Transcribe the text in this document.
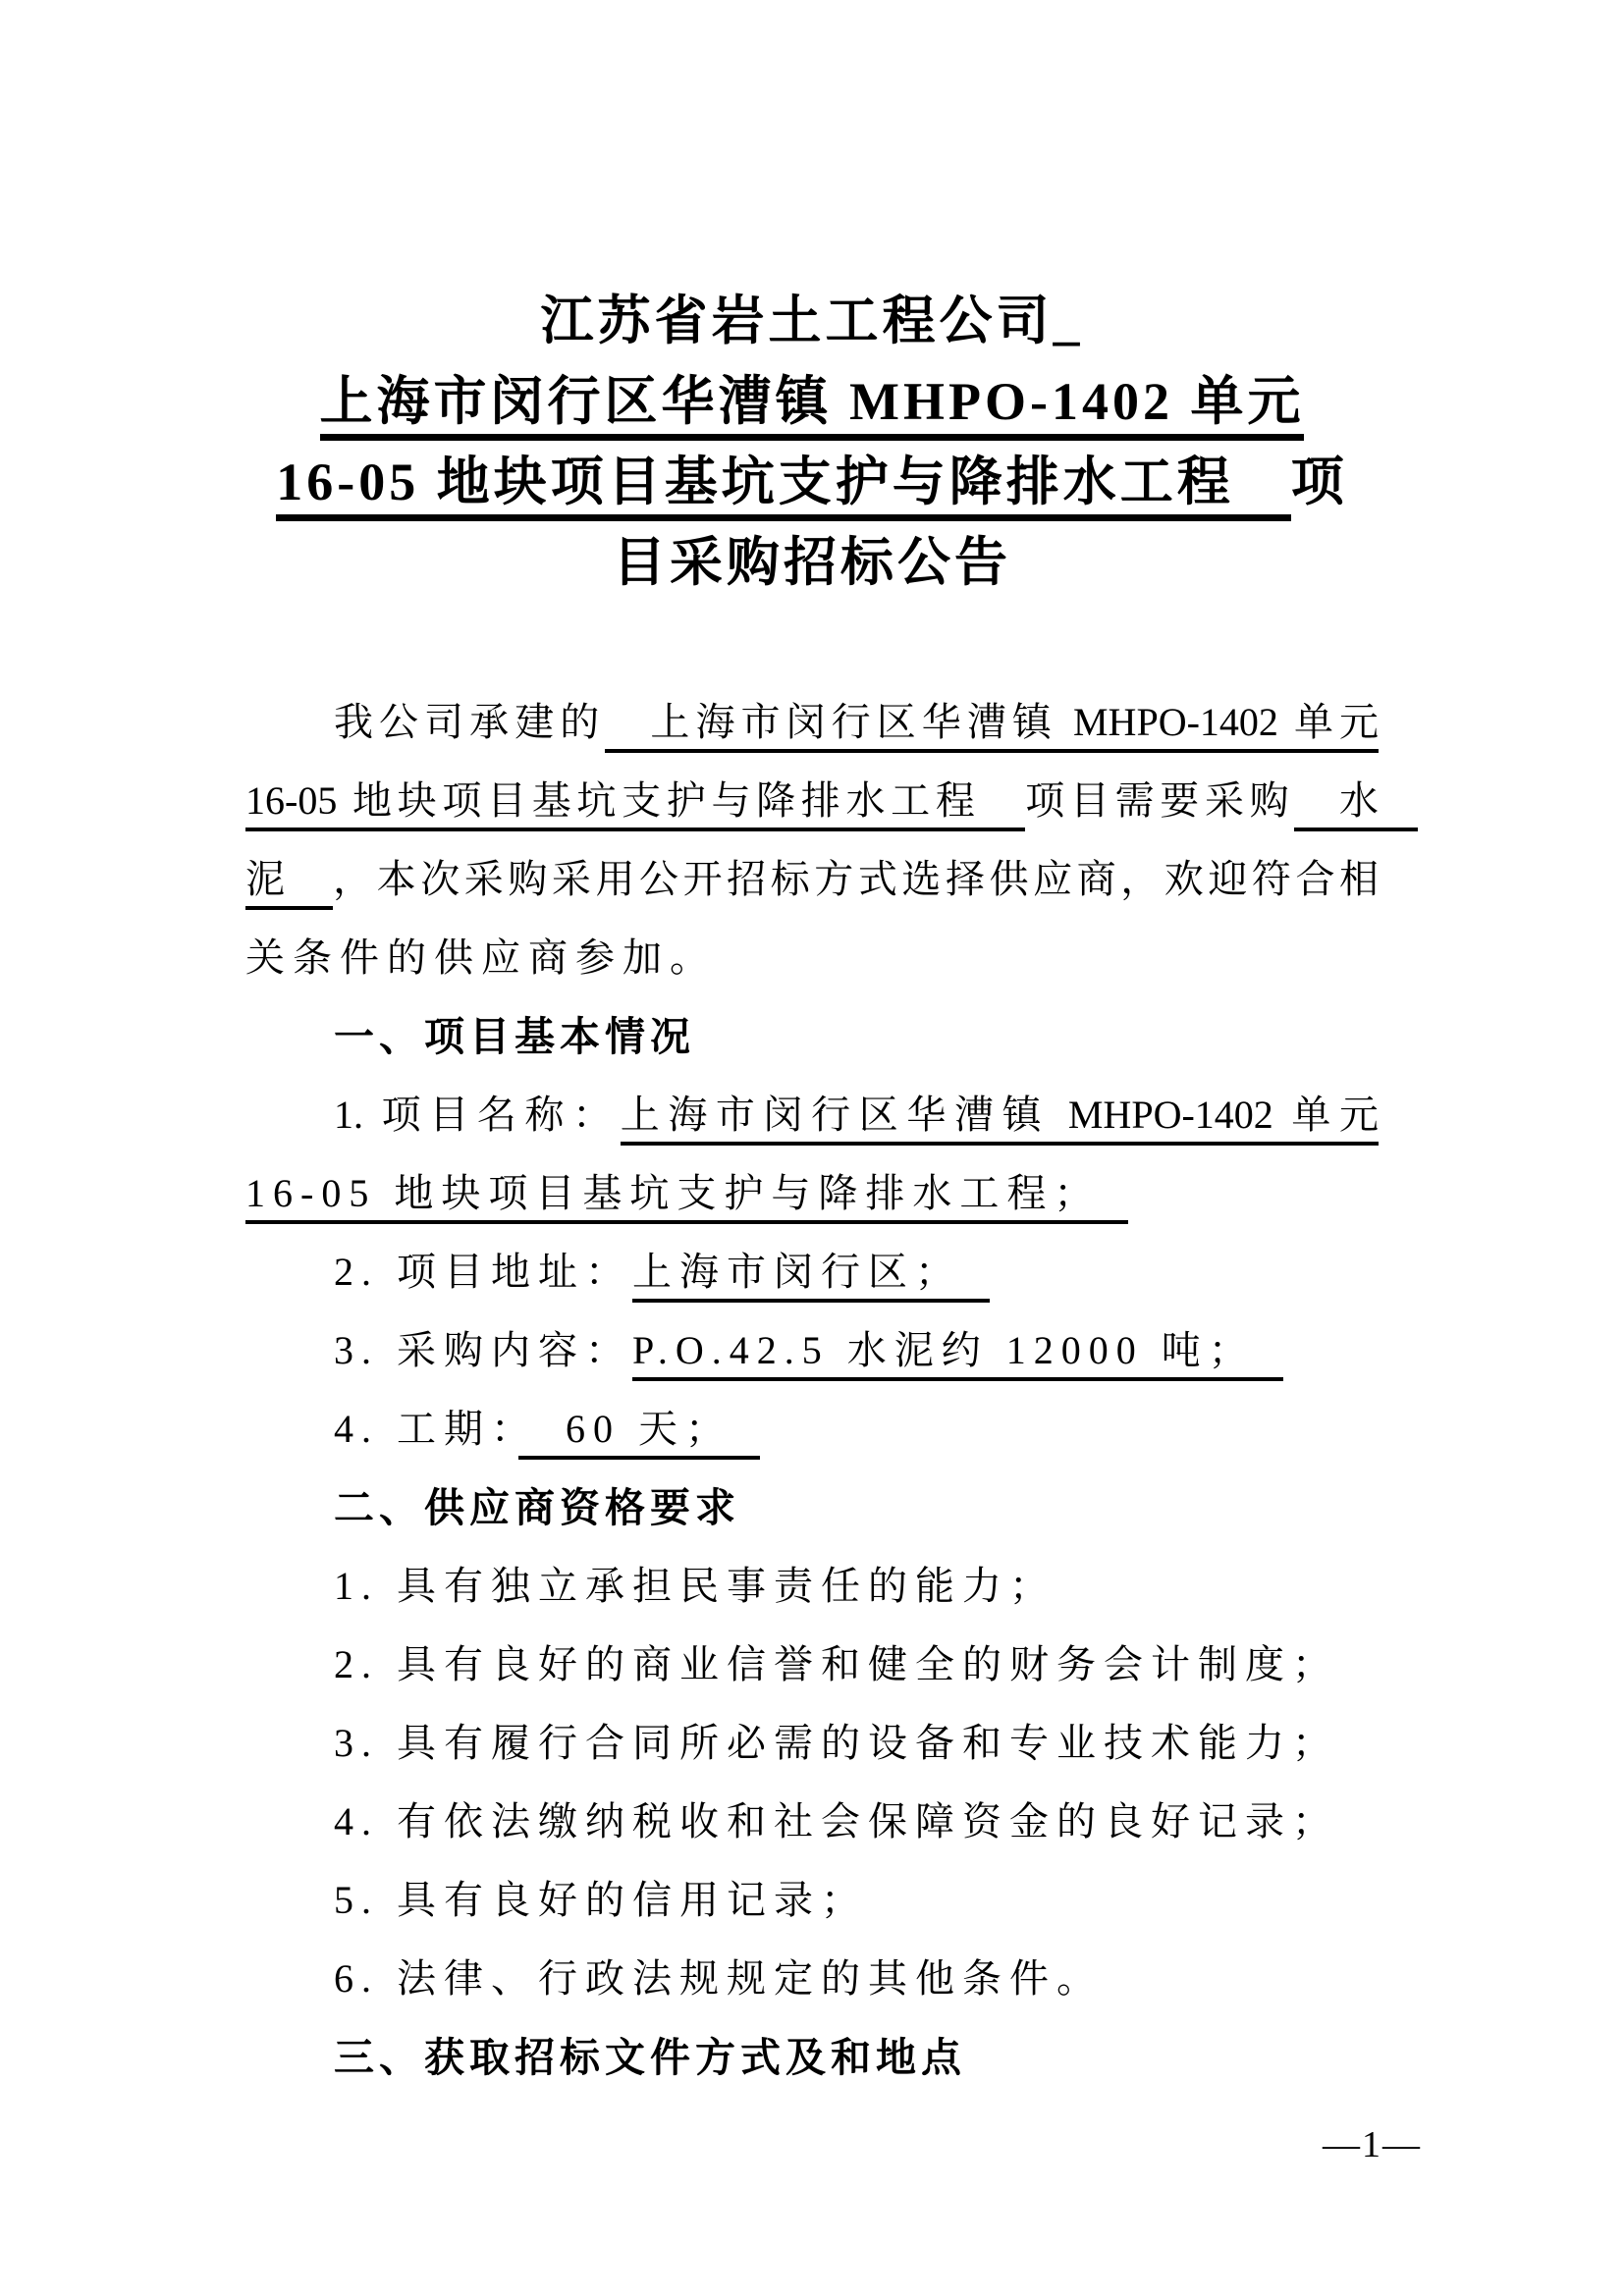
江苏省岩土工程公司_
上海市闵行区华漕镇 MHPO-1402 单元
16-05 地块项目基坑支护与降排水工程　项
目采购招标公告
我公司承建的　上海市闵行区华漕镇 MHPO-1402 单元
16-05 地块项目基坑支护与降排水工程　项目需要采购　水　
泥　，本次采购采用公开招标方式选择供应商，欢迎符合相
关条件的供应商参加。
一、项目基本情况
1. 项目名称：上海市闵行区华漕镇 MHPO-1402 单元
16-05 地块项目基坑支护与降排水工程；　
2. 项目地址：上海市闵行区；　
3. 采购内容：P.O.42.5 水泥约 12000 吨；　
4. 工期：　60 天；　
二、供应商资格要求
1. 具有独立承担民事责任的能力；
2. 具有良好的商业信誉和健全的财务会计制度；
3. 具有履行合同所必需的设备和专业技术能力；
4. 有依法缴纳税收和社会保障资金的良好记录；
5. 具有良好的信用记录；
6. 法律、行政法规规定的其他条件。
三、获取招标文件方式及和地点
—1—
